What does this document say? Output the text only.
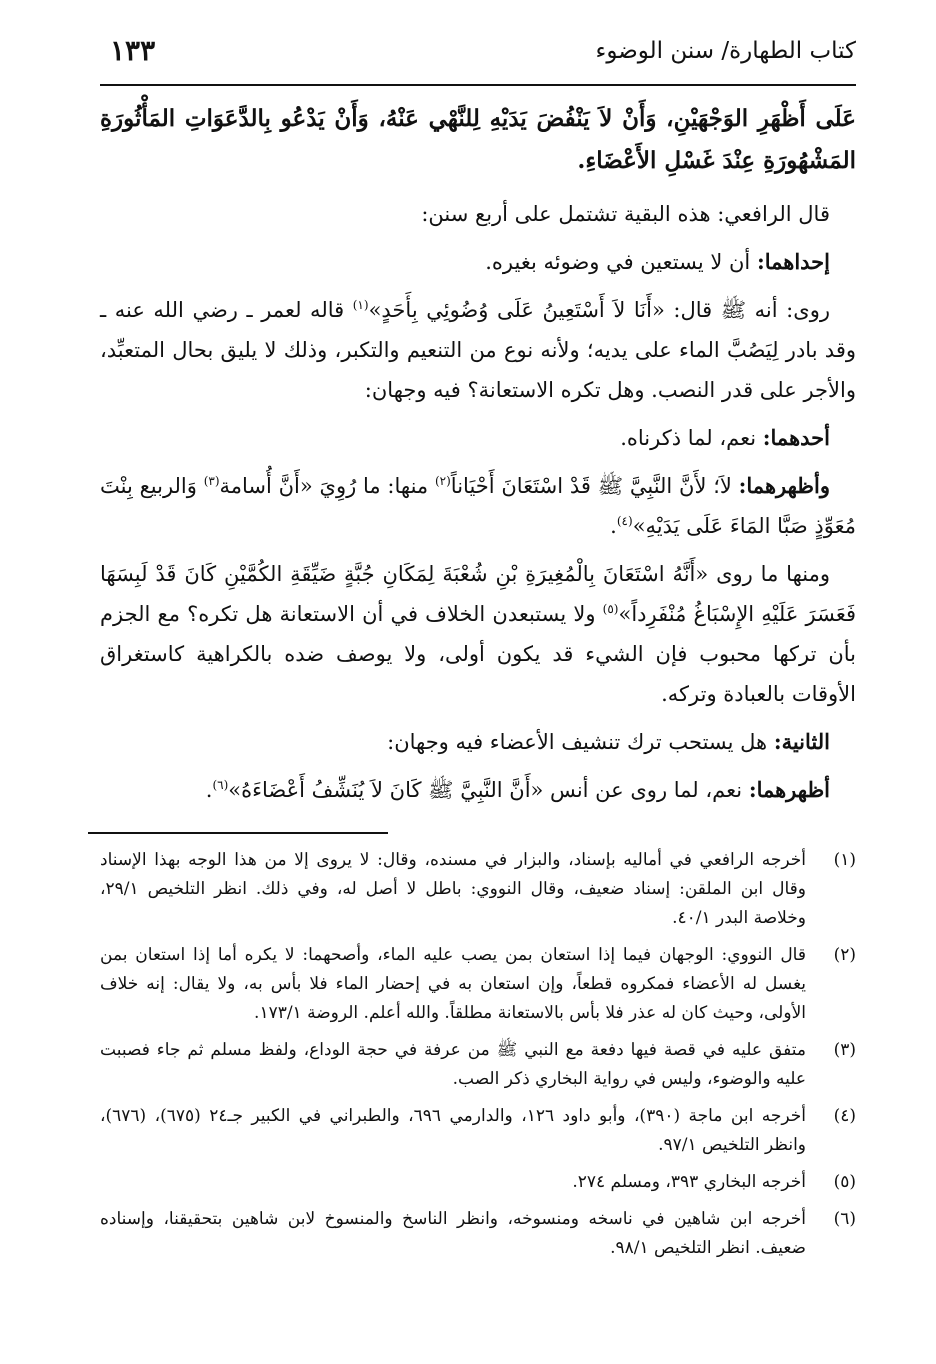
كتاب الطهارة/ سنن الوضوء
١٣٣

عَلَى أَظْهَرِ الوَجْهَيْنِ، وَأَنْ لاَ يَنْفُضَ يَدَيْهِ لِلنَّهْي عَنْهُ، وَأَنْ يَدْعُو بِالدَّعَوَاتِ المَأْثُورَةِ المَشْهُورَةِ عِنْدَ غَسْلِ الأَعْضَاءِ.

قال الرافعي: هذه البقية تشتمل على أربع سنن:

إحداهما: أن لا يستعين في وضوئه بغيره.

روى: أنه ﷺ قال: «أَنَا لاَ أَسْتَعِينُ عَلَى وُضُوئِي بِأَحَدٍ»$^{(١)}$ قاله لعمر ـ رضي الله عنه ـ وقد بادر لِيَصُبَّ الماء على يديه؛ ولأنه نوع من التنعيم والتكبر، وذلك لا يليق بحال المتعبِّد، والأجر على قدر النصب. وهل تكره الاستعانة؟ فيه وجهان:

أحدهما: نعم، لما ذكرناه.

وأظهرهما: لاَ؛ لأَنَّ النَّبِيَّ ﷺ قَدْ اسْتَعَانَ أَحْيَاناً$^{(٢)}$ منها: ما رُوِيَ «أَنَّ أُسامة$^{(٣)}$ وَالربيع بِنْتَ مُعَوِّذٍ صَبَّا المَاءَ عَلَى يَدَيْهِ»$^{(٤)}$.

ومنها ما روى «أَنَّهُ اسْتَعَانَ بِالْمُغِيرَةِ بْنِ شُعْبَةَ لِمَكَانِ جُبَّةٍ ضَيِّقَةِ الكُمَّيْنِ كَانَ قَدْ لَبِسَهَا فَعَسَرَ عَلَيْهِ الإِسْبَاغُ مُنْفَرِداً»$^{(٥)}$ ولا يستبعدن الخلاف في أن الاستعانة هل تكره؟ مع الجزم بأن تركها محبوب فإن الشيء قد يكون أولى، ولا يوصف ضده بالكراهية كاستغراق الأوقات بالعبادة وتركه.

الثانية: هل يستحب ترك تنشيف الأعضاء فيه وجهان:

أظهرهما: نعم، لما روى عن أنس «أَنَّ النَّبِيَّ ﷺ كَانَ لاَ يُنَشِّفُ أَعْضَاءَهُ»$^{(٦)}$.

(١)
أخرجه الرافعي في أماليه بإسناد، والبزار في مسنده، وقال: لا يروى إلا من هذا الوجه بهذا الإسناد وقال ابن الملقن: إسناد ضعيف، وقال النووي: باطل لا أصل له، وفي ذلك. انظر التلخيص ٢٩/١، وخلاصة البدر ٤٠/١.
(٢)
قال النووي: الوجهان فيما إذا استعان بمن يصب عليه الماء، وأصحهما: لا يكره أما إذا استعان بمن يغسل له الأعضاء فمكروه قطعاً، وإن استعان به في إحضار الماء فلا بأس به، ولا يقال: إنه خلاف الأولى، وحيث كان له عذر فلا بأس بالاستعانة مطلقاً. والله أعلم. الروضة ١٧٣/١.
(٣)
متفق عليه في قصة فيها دفعة مع النبي ﷺ من عرفة في حجة الوداع، ولفظ مسلم ثم جاء فصببت عليه والوضوء، وليس في رواية البخاري ذكر الصب.
(٤)
أخرجه ابن ماجة (٣٩٠)، وأبو داود ١٢٦، والدارمي ٦٩٦، والطبراني في الكبير جـ٢٤ (٦٧٥)، (٦٧٦)، وانظر التلخيص ٩٧/١.
(٥)
أخرجه البخاري ٣٩٣، ومسلم ٢٧٤.
(٦)
أخرجه ابن شاهين في ناسخه ومنسوخه، وانظر الناسخ والمنسوخ لابن شاهين بتحقيقنا، وإسناده ضعيف. انظر التلخيص ٩٨/١.
